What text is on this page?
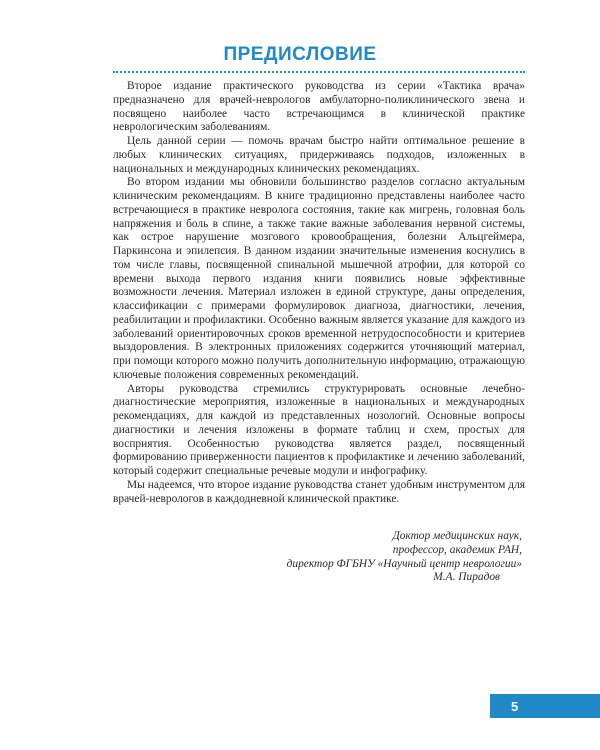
ПРЕДИСЛОВИЕ

Второе издание практического руководства из серии «Тактика врача» предназначено для врачей-неврологов амбулаторно-поликлинического звена и посвящено наиболее часто встречающимся в клинической практике неврологическим заболеваниям.

Цель данной серии — помочь врачам быстро найти оптимальное решение в любых клинических ситуациях, придерживаясь подходов, изложенных в национальных и международных клинических рекомендациях.

Во втором издании мы обновили большинство разделов согласно актуальным клиническим рекомендациям. В книге традиционно представлены наиболее часто встречающиеся в практике невролога состояния, такие как мигрень, головная боль напряжения и боль в спине, а также такие важные заболевания нервной системы, как острое нарушение мозгового кровообращения, болезни Альцгеймера, Паркинсона и эпилепсия. В данном издании значительные изменения коснулись в том числе главы, посвященной спинальной мышечной атрофии, для которой со времени выхода первого издания книги появились новые эффективные возможности лечения. Материал изложен в единой структуре, даны определения, классификации с примерами формулировок диагноза, диагностики, лечения, реабилитации и профилактики. Особенно важным является указание для каждого из заболеваний ориентировочных сроков временной нетрудоспособности и критериев выздоровления. В электронных приложениях содержится уточняющий материал, при помощи которого можно получить дополнительную информацию, отражающую ключевые положения современных рекомендаций.

Авторы руководства стремились структурировать основные лечебно-диагностические мероприятия, изложенные в национальных и международных рекомендациях, для каждой из представленных нозологий. Основные вопросы диагностики и лечения изложены в формате таблиц и схем, простых для восприятия. Особенностью руководства является раздел, посвященный формированию приверженности пациентов к профилактике и лечению заболеваний, который содержит специальные речевые модули и инфографику.

Мы надеемся, что второе издание руководства станет удобным инструментом для врачей-неврологов в каждодневной клинической практике.

Доктор медицинских наук,
профессор, академик РАН,
директор ФГБНУ «Научный центр неврологии»
М.А. Пирадов
5
